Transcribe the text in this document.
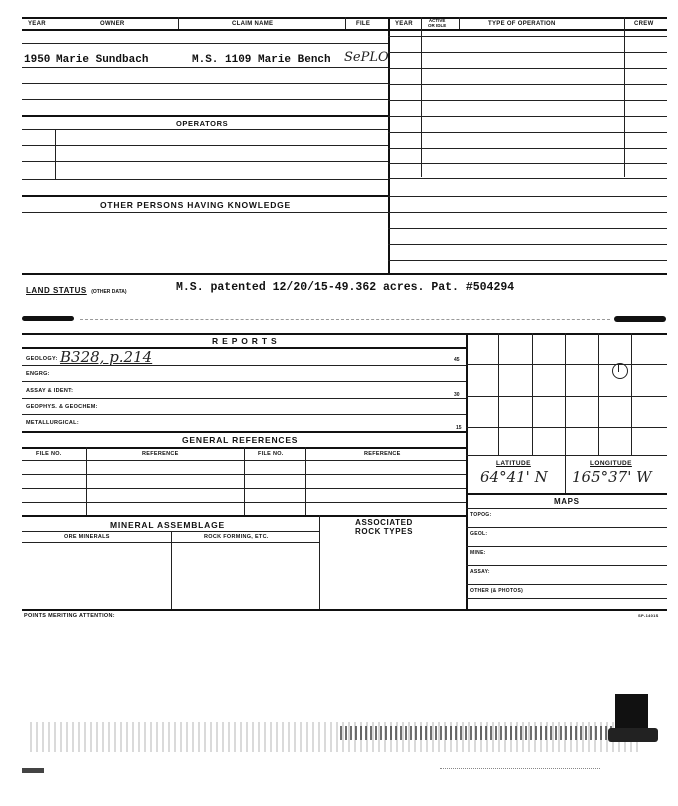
YEAR	OWNER	CLAIM NAME	FILE	YEAR
ACTIVE
OR IDLE	TYPE OF OPERATION	CREW
1950 Marie Sundbach	M.S. 1109 Marie Bench SePLO
OPERATORS
OTHER PERSONS HAVING KNOWLEDGE
LAND STATUS (OTHER DATA)	M.S. patented 12/20/15-49.362 acres. Pat. #504294
R E P O R T S
GEOLOGY: B328, p.214	45
ENGRG:
ASSAY & IDENT:
30
GEOPHYS. & GEOCHEM:
METALLURGICAL:
15
GENERAL REFERENCES
FILE NO.	REFERENCE	FILE NO.	REFERENCE
MINERAL ASSEMBLAGE	ASSOCIATED
ROCK TYPES
ORE MINERALS	ROCK FORMING, ETC.
POINTS MERITING ATTENTION:	SP-1401S
LATITUDE	LONGITUDE
64°41' N 165°37' W
MAPS
TOPOG:
GEOL:
MINE:
ASSAY:
OTHER (& PHOTOS)
